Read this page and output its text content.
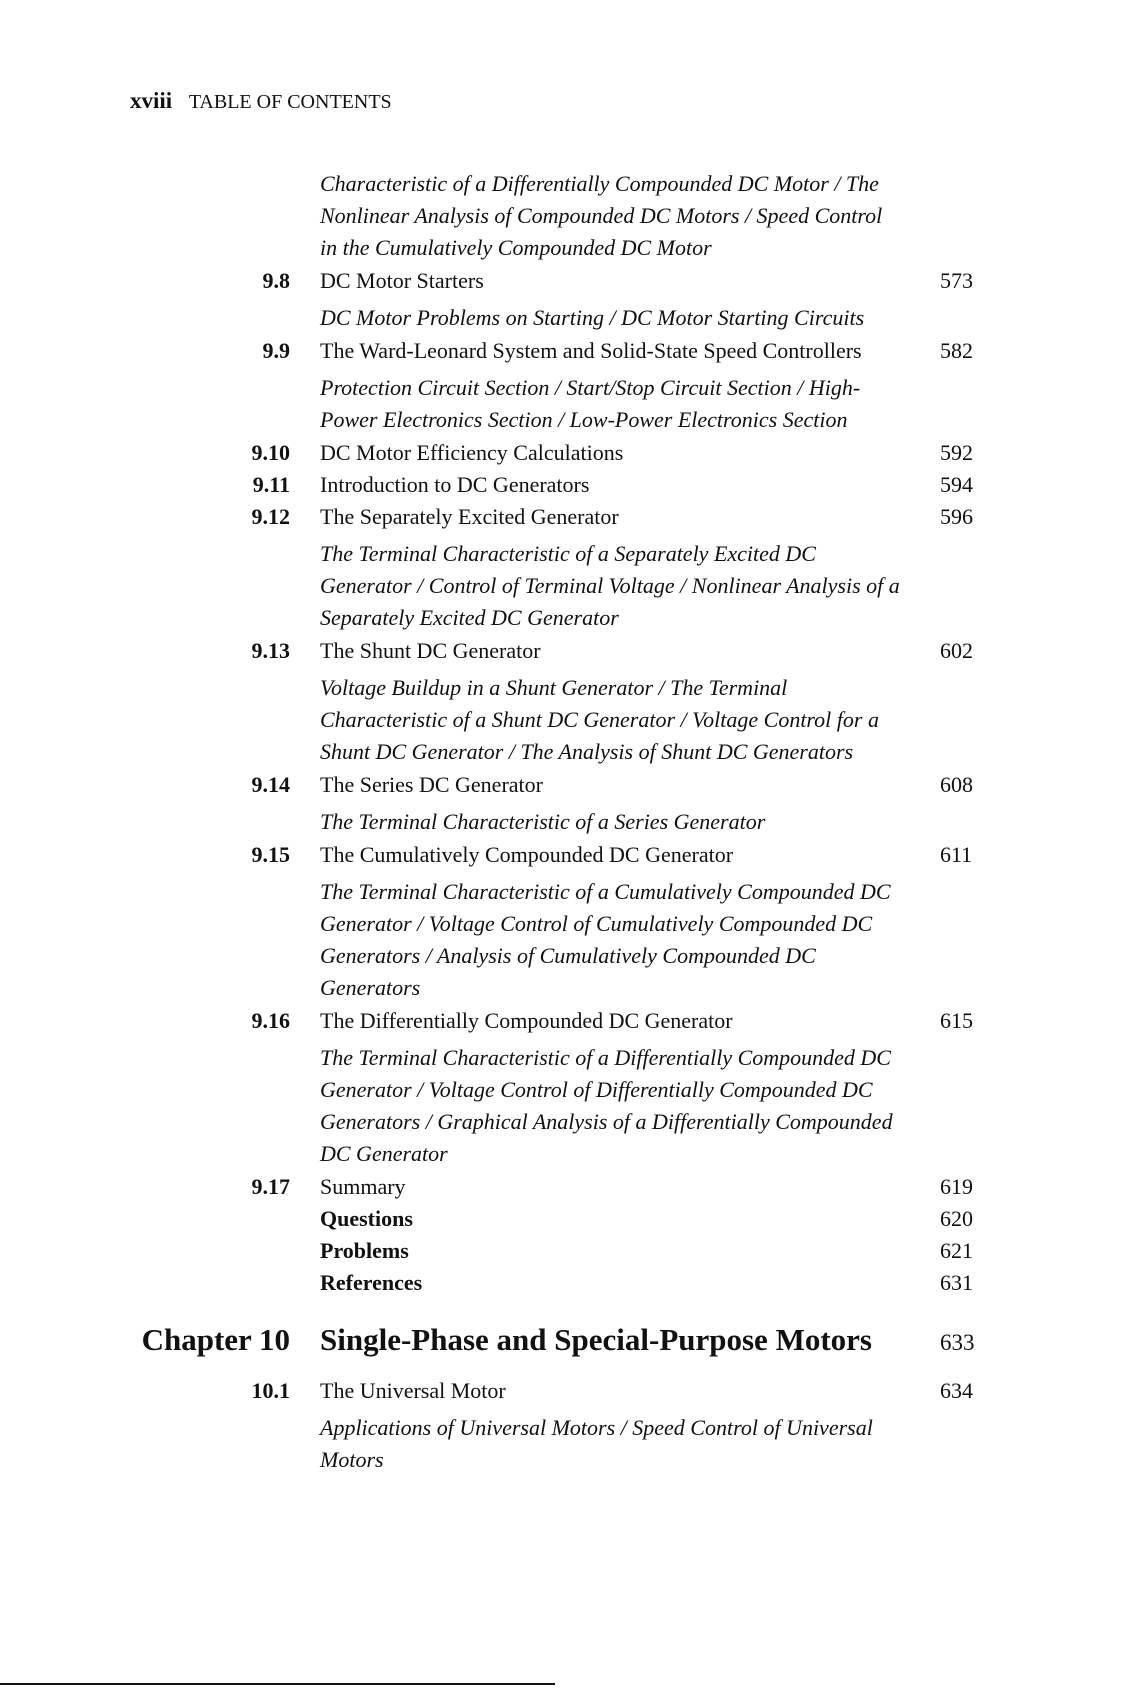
xviii TABLE OF CONTENTS
Characteristic of a Differentially Compounded DC Motor / The Nonlinear Analysis of Compounded DC Motors / Speed Control in the Cumulatively Compounded DC Motor
9.8 DC Motor Starters	573
DC Motor Problems on Starting / DC Motor Starting Circuits
9.9 The Ward-Leonard System and Solid-State Speed Controllers	582
Protection Circuit Section / Start/Stop Circuit Section / High-Power Electronics Section / Low-Power Electronics Section
9.10 DC Motor Efficiency Calculations	592
9.11 Introduction to DC Generators	594
9.12 The Separately Excited Generator	596
The Terminal Characteristic of a Separately Excited DC Generator / Control of Terminal Voltage / Nonlinear Analysis of a Separately Excited DC Generator
9.13 The Shunt DC Generator	602
Voltage Buildup in a Shunt Generator / The Terminal Characteristic of a Shunt DC Generator / Voltage Control for a Shunt DC Generator / The Analysis of Shunt DC Generators
9.14 The Series DC Generator	608
The Terminal Characteristic of a Series Generator
9.15 The Cumulatively Compounded DC Generator	611
The Terminal Characteristic of a Cumulatively Compounded DC Generator / Voltage Control of Cumulatively Compounded DC Generators / Analysis of Cumulatively Compounded DC Generators
9.16 The Differentially Compounded DC Generator	615
The Terminal Characteristic of a Differentially Compounded DC Generator / Voltage Control of Differentially Compounded DC Generators / Graphical Analysis of a Differentially Compounded DC Generator
9.17 Summary	619
Questions	620
Problems	621
References	631
Chapter 10 Single-Phase and Special-Purpose Motors	633
10.1 The Universal Motor	634
Applications of Universal Motors / Speed Control of Universal Motors
